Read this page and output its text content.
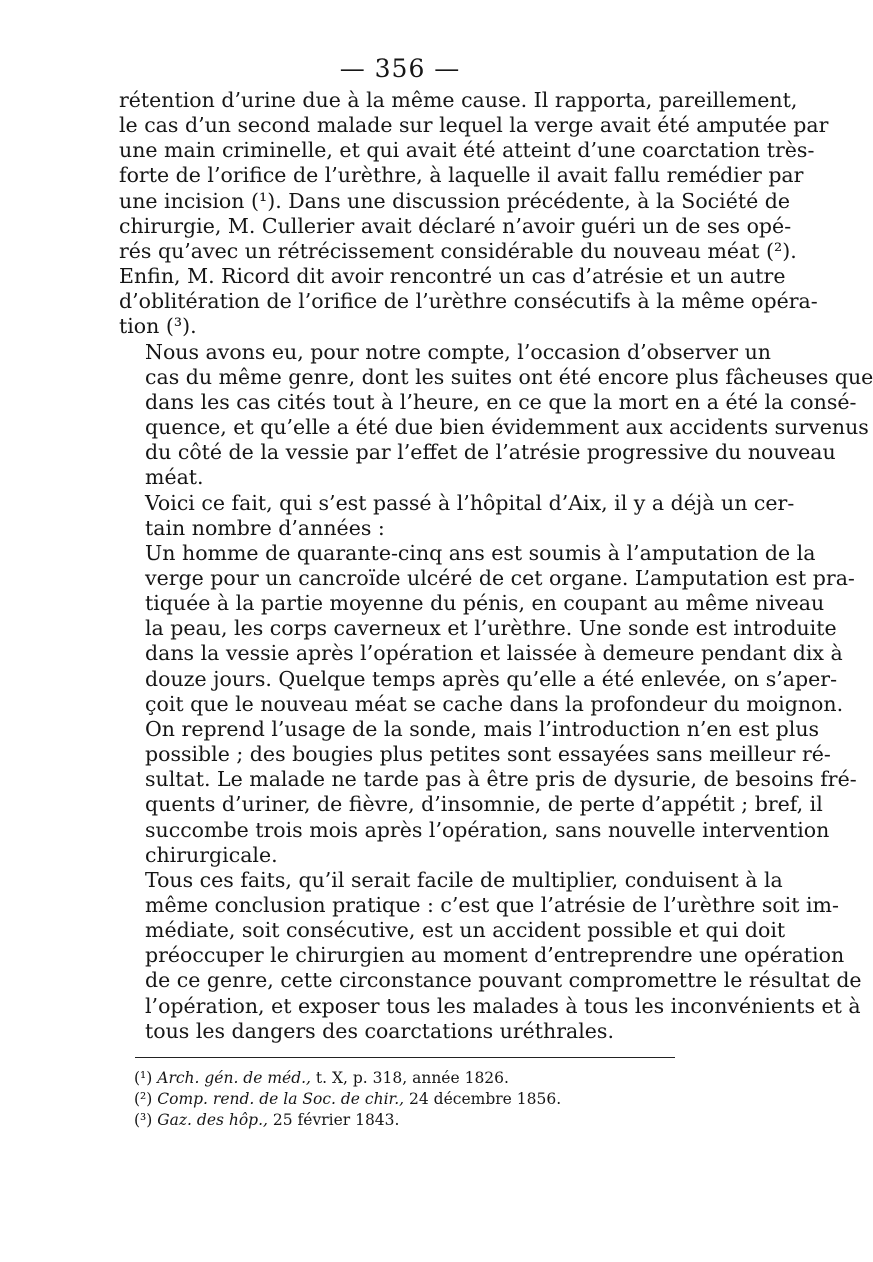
— 356 —

rétention d’urine due à la même cause. Il rapporta, pareillement,
le cas d’un second malade sur lequel la verge avait été amputée par
une main criminelle, et qui avait été atteint d’une coarctation très-
forte de l’orifice de l’urèthre, à laquelle il avait fallu remédier par
une incision (¹). Dans une discussion précédente, à la Société de
chirurgie, M. Cullerier avait déclaré n’avoir guéri un de ses opé-
rés qu’avec un rétrécissement considérable du nouveau méat (²).
Enfin, M. Ricord dit avoir rencontré un cas d’atrésie et un autre
d’oblitération de l’orifice de l’urèthre consécutifs à la même opéra-
tion (³).

Nous avons eu, pour notre compte, l’occasion d’observer un
cas du même genre, dont les suites ont été encore plus fâcheuses que
dans les cas cités tout à l’heure, en ce que la mort en a été la consé-
quence, et qu’elle a été due bien évidemment aux accidents survenus
du côté de la vessie par l’effet de l’atrésie progressive du nouveau
méat.

Voici ce fait, qui s’est passé à l’hôpital d’Aix, il y a déjà un cer-
tain nombre d’années :

Un homme de quarante-cinq ans est soumis à l’amputation de la
verge pour un cancroïde ulcéré de cet organe. L’amputation est pra-
tiquée à la partie moyenne du pénis, en coupant au même niveau
la peau, les corps caverneux et l’urèthre. Une sonde est introduite
dans la vessie après l’opération et laissée à demeure pendant dix à
douze jours. Quelque temps après qu’elle a été enlevée, on s’aper-
çoit que le nouveau méat se cache dans la profondeur du moignon.
On reprend l’usage de la sonde, mais l’introduction n’en est plus
possible ; des bougies plus petites sont essayées sans meilleur ré-
sultat. Le malade ne tarde pas à être pris de dysurie, de besoins fré-
quents d’uriner, de fièvre, d’insomnie, de perte d’appétit ; bref, il
succombe trois mois après l’opération, sans nouvelle intervention
chirurgicale.

Tous ces faits, qu’il serait facile de multiplier, conduisent à la
même conclusion pratique : c’est que l’atrésie de l’urèthre soit im-
médiate, soit consécutive, est un accident possible et qui doit
préoccuper le chirurgien au moment d’entreprendre une opération
de ce genre, cette circonstance pouvant compromettre le résultat de
l’opération, et exposer tous les malades à tous les inconvénients et à
tous les dangers des coarctations uréthrales.

(¹) Arch. gén. de méd., t. X, p. 318, année 1826.
(²) Comp. rend. de la Soc. de chir., 24 décembre 1856.
(³) Gaz. des hôp., 25 février 1843.
